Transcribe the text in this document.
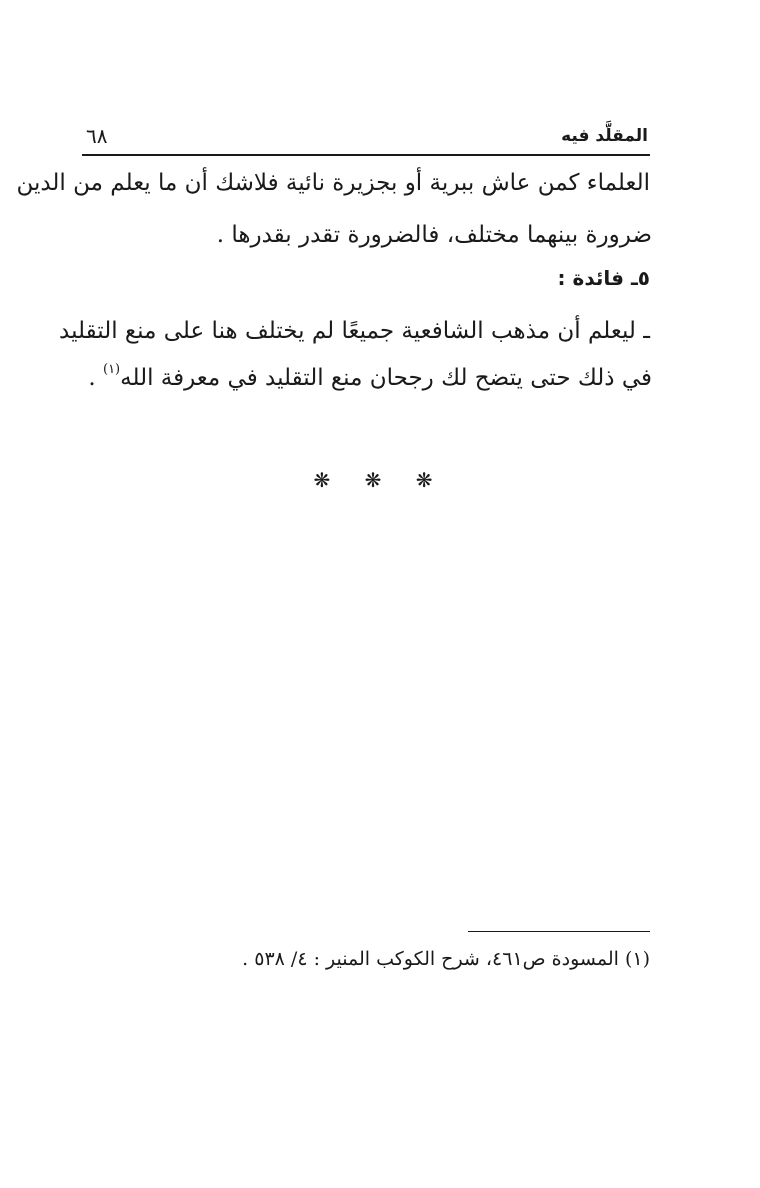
المقلَّد فيه
٦٨
العلماء كمن عاش ببرية أو بجزيرة نائية فلاشك أن ما يعلم من الدين
ضرورة بينهما مختلف، فالضرورة تقدر بقدرها .
٥ـ فائدة :
ـ ليعلم أن مذهب الشافعية جميعًا لم يختلف هنا على منع التقليد
في ذلك حتى يتضح لك رجحان منع التقليد في معرفة الله$^{(١)}$ .
❋ ❋ ❋
(١) المسودة ص٤٦١، شرح الكوكب المنير : ٤/ ٥٣٨ .
